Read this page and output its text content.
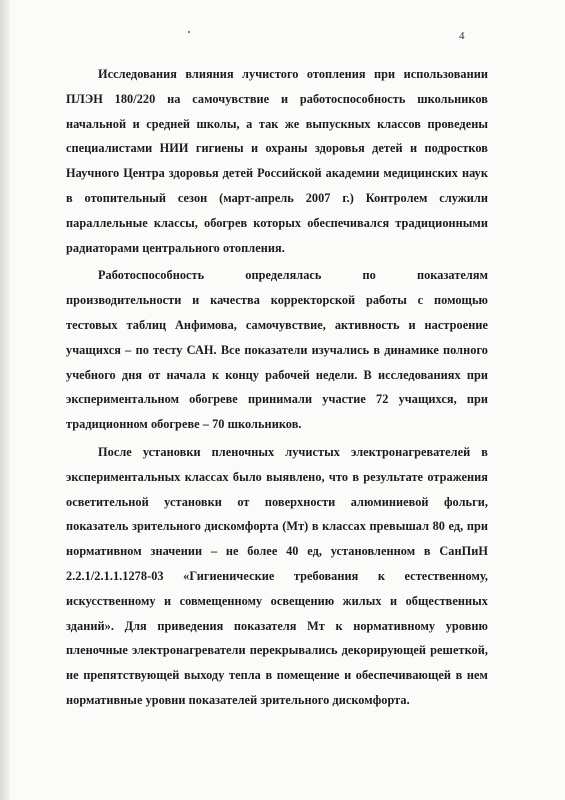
4

Исследования влияния лучистого отопления при использовании ПЛЭН 180/220 на самочувствие и работоспособность школьников начальной и средней школы, а так же выпускных классов проведены специалистами НИИ гигиены и охраны здоровья детей и подростков Научного Центра здоровья детей Российской академии медицинских наук в отопительный сезон (март-апрель 2007 г.) Контролем служили параллельные классы, обогрев которых обеспечивался традиционными радиаторами центрального отопления.

Работоспособность определялась по показателям производительности и качества корректорской работы с помощью тестовых таблиц Анфимова, самочувствие, активность и настроение учащихся – по тесту САН. Все показатели изучались в динамике полного учебного дня от начала к концу рабочей недели. В исследованиях при экспериментальном обогреве принимали участие 72 учащихся, при традиционном обогреве – 70 школьников.

После установки пленочных лучистых электронагревателей в экспериментальных классах было выявлено, что в результате отражения осветительной установки от поверхности алюминиевой фольги, показатель зрительного дискомфорта (Мт) в классах превышал 80 ед, при нормативном значении – не более 40 ед, установленном в СанПиН 2.2.1/2.1.1.1278-03 «Гигиенические требования к естественному, искусственному и совмещенному освещению жилых и общественных зданий». Для приведения показателя Мт к нормативному уровню пленочные электронагреватели перекрывались декорирующей решеткой, не препятствующей выходу тепла в помещение и обеспечивающей в нем нормативные уровни показателей зрительного дискомфорта.
